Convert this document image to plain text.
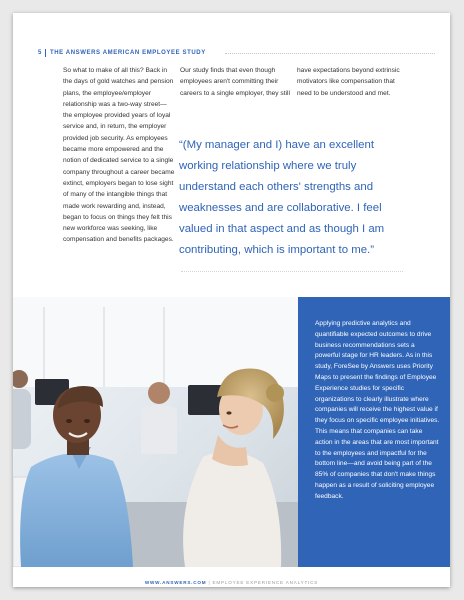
5 THE ANSWERS AMERICAN EMPLOYEE STUDY
So what to make of all this? Back in the days of gold watches and pension plans, the employee/employer relationship was a two-way street—the employee provided years of loyal service and, in return, the employer provided job security. As employees became more empowered and the notion of dedicated service to a single company throughout a career became extinct, employers began to lose sight of many of the intangible things that made work rewarding and, instead, began to focus on things they felt this new workforce was seeking, like compensation and benefits packages.
Our study finds that even though employees aren't committing their careers to a single employer, they still
have expectations beyond extrinsic motivators like compensation that need to be understood and met.
“(My manager and I) have an excellent working relationship where we truly understand each others' strengths and weaknesses and are collaborative. I feel valued in that aspect and as though I am contributing, which is important to me.”
Applying predictive analytics and quantifiable expected outcomes to drive business recommendations sets a powerful stage for HR leaders. As in this study, ForeSee by Answers uses Priority Maps to present the findings of Employee Experience studies for specific organizations to clearly illustrate where companies will receive the highest value if they focus on specific employee initiatives. This means that companies can take action in the areas that are most important to the employees and impactful for the bottom line—and avoid being part of the 85% of companies that don't make things happen as a result of soliciting employee feedback.
WWW.ANSWERS.COM | EMPLOYEE EXPERIENCE ANALYTICS
